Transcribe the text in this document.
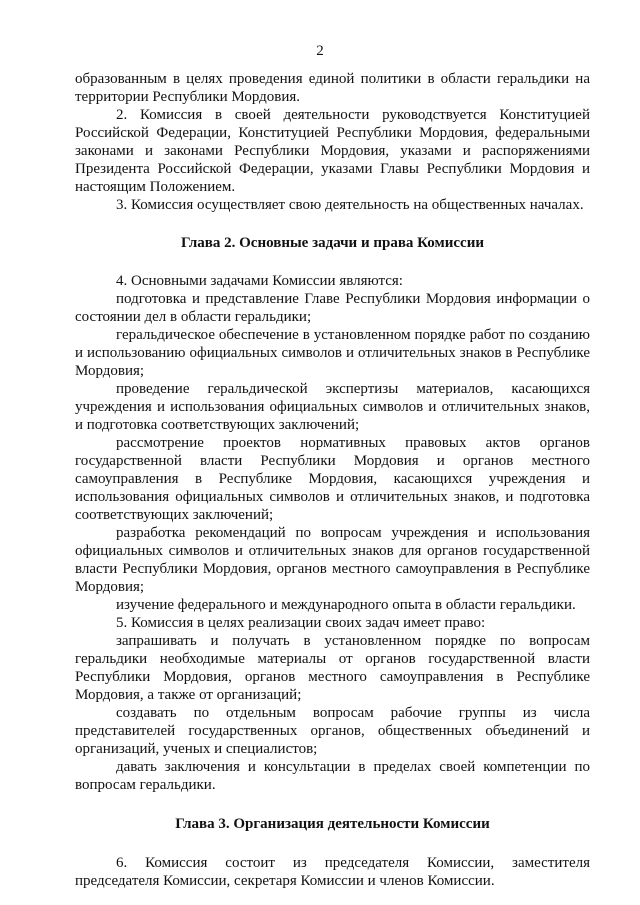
2

образованным в целях проведения единой политики в области геральдики на территории Республики Мордовия.

2. Комиссия в своей деятельности руководствуется Конституцией Российской Федерации, Конституцией Республики Мордовия, федеральными законами и законами Республики Мордовия, указами и распоряжениями Президента Российской Федерации, указами Главы Республики Мордовия и настоящим Положением.

3. Комиссия осуществляет свою деятельность на общественных началах.

Глава 2. Основные задачи и права Комиссии

4. Основными задачами Комиссии являются:

подготовка и представление Главе Республики Мордовия информации о состоянии дел в области геральдики;

геральдическое обеспечение в установленном порядке работ по созданию и использованию официальных символов и отличительных знаков в Республике Мордовия;

проведение геральдической экспертизы материалов, касающихся учреждения и использования официальных символов и отличительных знаков, и подготовка соответствующих заключений;

рассмотрение проектов нормативных правовых актов органов государственной власти Республики Мордовия и органов местного самоуправления в Республике Мордовия, касающихся учреждения и использования официальных символов и отличительных знаков, и подготовка соответствующих заключений;

разработка рекомендаций по вопросам учреждения и использования официальных символов и отличительных знаков для органов государственной власти Республики Мордовия, органов местного самоуправления в Республике Мордовия;

изучение федерального и международного опыта в области геральдики.

5. Комиссия в целях реализации своих задач имеет право:

запрашивать и получать в установленном порядке по вопросам геральдики необходимые материалы от органов государственной власти Республики Мордовия, органов местного самоуправления в Республике Мордовия, а также от организаций;

создавать по отдельным вопросам рабочие группы из числа представителей государственных органов, общественных объединений и организаций, ученых и специалистов;

давать заключения и консультации в пределах своей компетенции по вопросам геральдики.

Глава 3. Организация деятельности Комиссии

6. Комиссия состоит из председателя Комиссии, заместителя председателя Комиссии, секретаря Комиссии и членов Комиссии.
